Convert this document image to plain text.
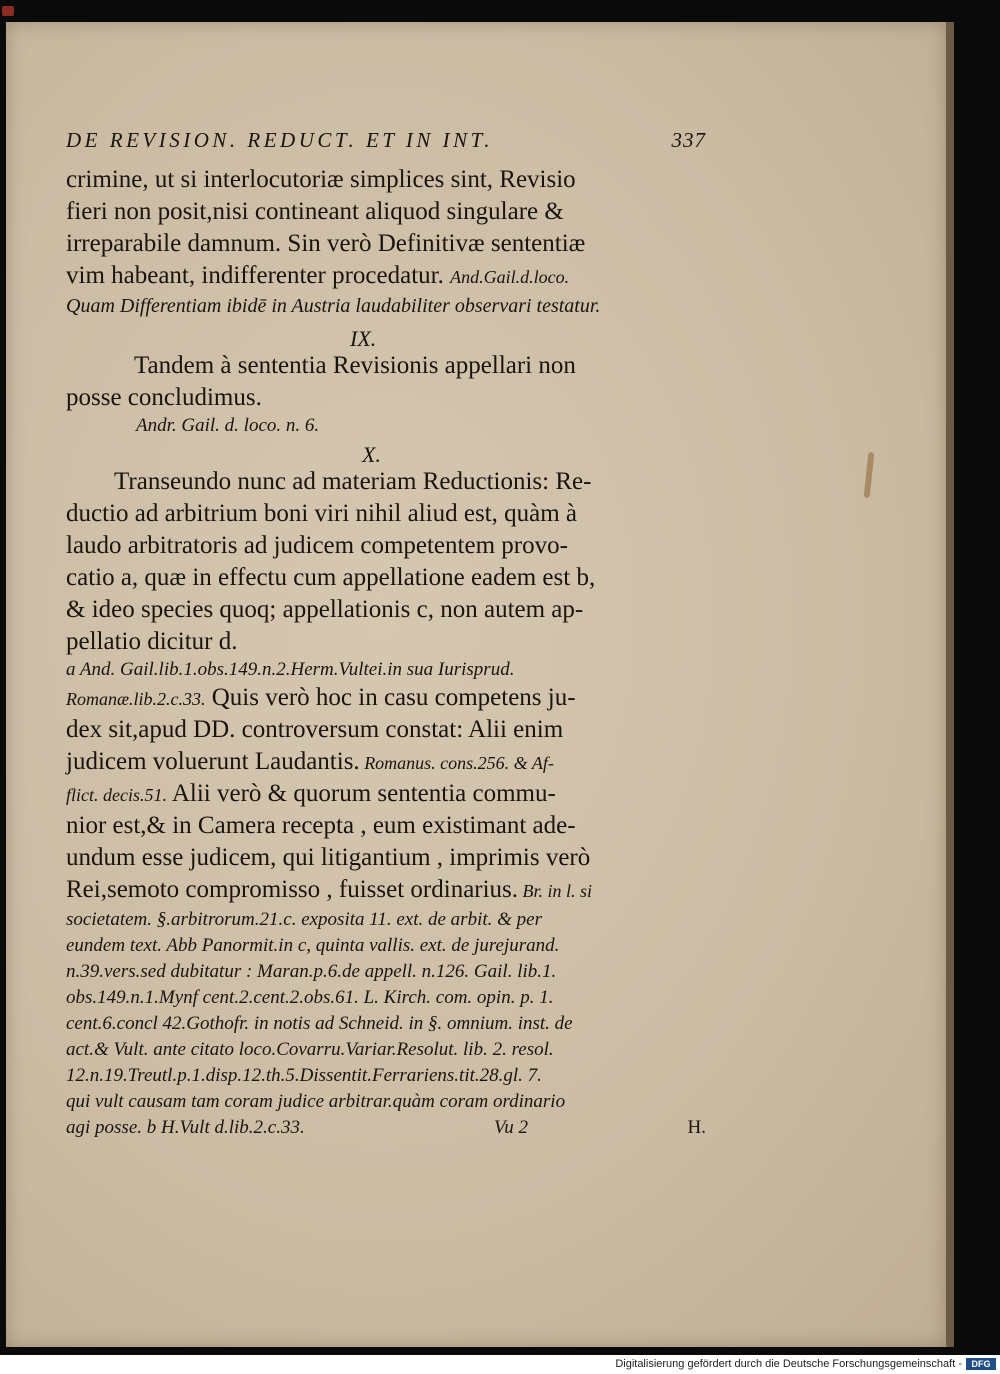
DE REVISION. REDUCT. ET IN INT.	337
crimine, ut si interlocutoriæ simplices sint, Revisio
fieri non posit,nisi contineant aliquod singulare &
irreparabile damnum. Sin verò Definitivæ sententiæ
vim habeant, indifferenter procedatur. And.Gail.d.loco.
Quam Differentiam ibidē in Austria laudabiliter observari testatur.
IX.
Tandem à sententia Revisionis appellari non
posse concludimus.
Andr. Gail. d. loco. n. 6.
X.
Transeundo nunc ad materiam Reductionis: Re-
ductio ad arbitrium boni viri nihil aliud est, quàm à
laudo arbitratoris ad judicem competentem provo-
catio a, quæ in effectu cum appellatione eadem est b,
& ideo species quoq; appellationis c, non autem ap-
pellatio dicitur d.
a And. Gail.lib.1.obs.149.n.2.Herm.Vultei.in sua Iurisprud.
Romanæ.lib.2.c.33. Quis verò hoc in casu competens ju-
dex sit,apud DD. controversum constat: Alii enim
judicem voluerunt Laudantis. Romanus. cons.256. & Af-
flict. decis.51. Alii verò & quorum sententia commu-
nior est,& in Camera recepta , eum existimant ade-
undum esse judicem, qui litigantium , imprimis verò
Rei,semoto compromisso , fuisset ordinarius. Br. in l. si
societatem. §.arbitrorum.21.c. exposita 11. ext. de arbit. & per
eundem text. Abb Panormit.in c, quinta vallis. ext. de jurejurand.
n.39.vers.sed dubitatur : Maran.p.6.de appell. n.126. Gail. lib.1.
obs.149.n.1.Mynf cent.2.cent.2.obs.61. L. Kirch. com. opin. p. 1.
cent.6.concl 42.Gothofr. in notis ad Schneid. in §. omnium. inst. de
act.& Vult. ante citato loco.Covarru.Variar.Resolut. lib. 2. resol.
12.n.19.Treutl.p.1.disp.12.th.5.Dissentit.Ferrariens.tit.28.gl. 7.
qui vult causam tam coram judice arbitrar.quàm coram ordinario
agi posse. b H.Vult d.lib.2.c.33.	Vu 2	H.
Digitalisierung gefördert durch die Deutsche Forschungsgemeinschaft -	DFG
